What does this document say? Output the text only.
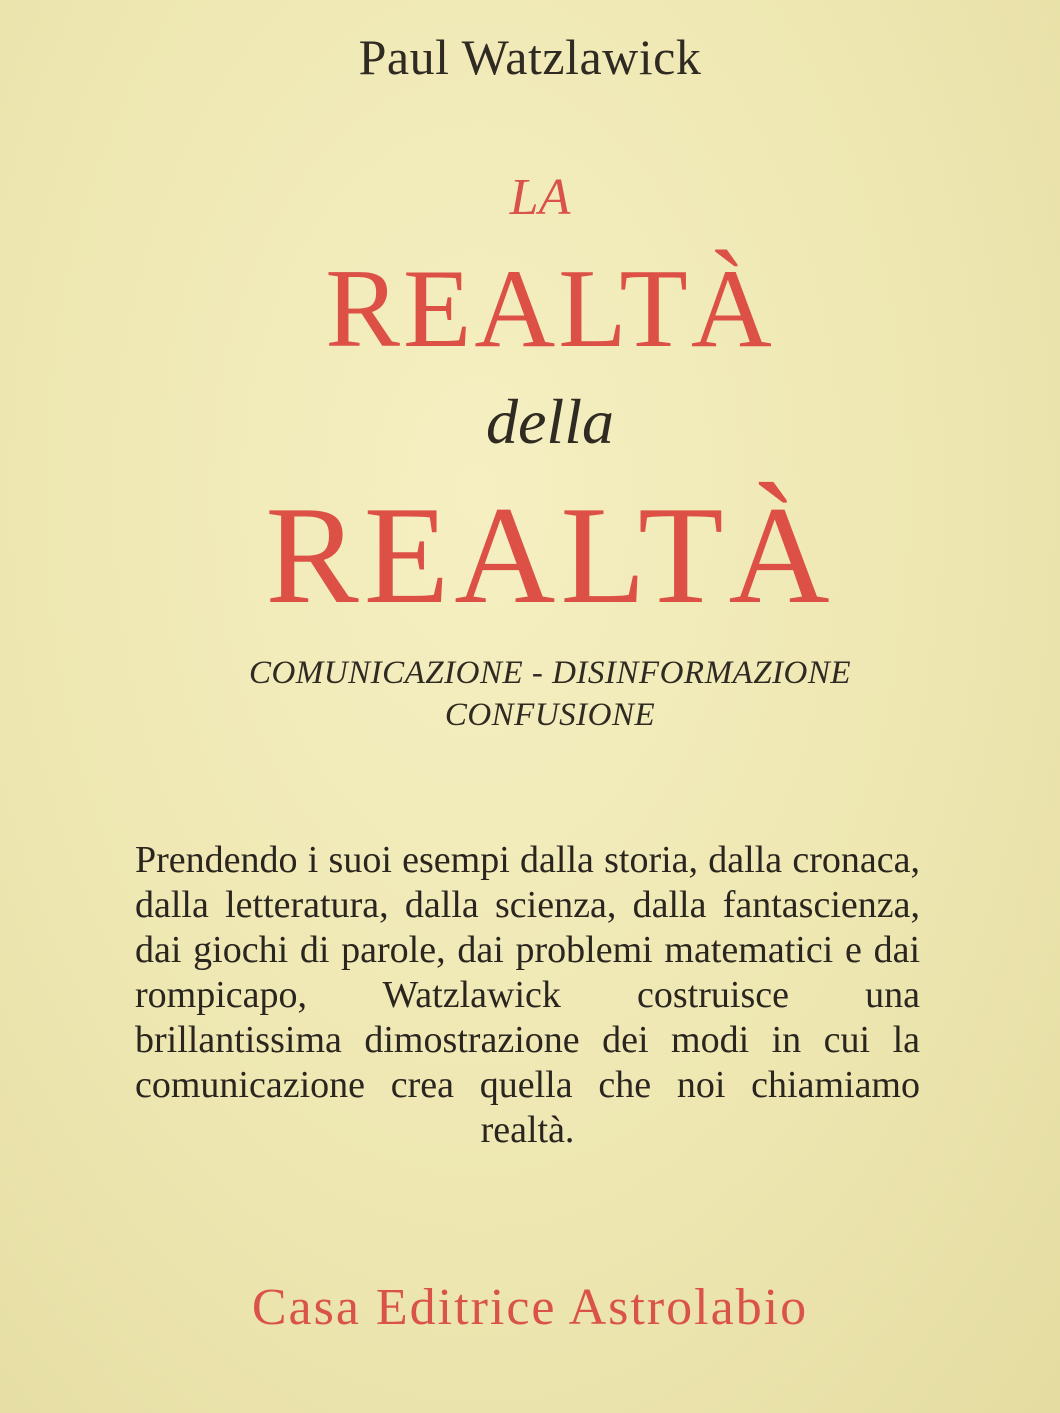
Paul Watzlawick
LA
REALTÀ
della
REALTÀ
COMUNICAZIONE - DISINFORMAZIONE
CONFUSIONE
Prendendo i suoi esempi dalla storia, dalla cronaca, dalla letteratura, dalla scienza, dalla fantascienza, dai giochi di parole, dai problemi matematici e dai rompicapo, Watzlawick costruisce una brillantissima dimostrazione dei modi in cui la comunicazione crea quella che noi chiamiamo realtà.
Casa Editrice Astrolabio
